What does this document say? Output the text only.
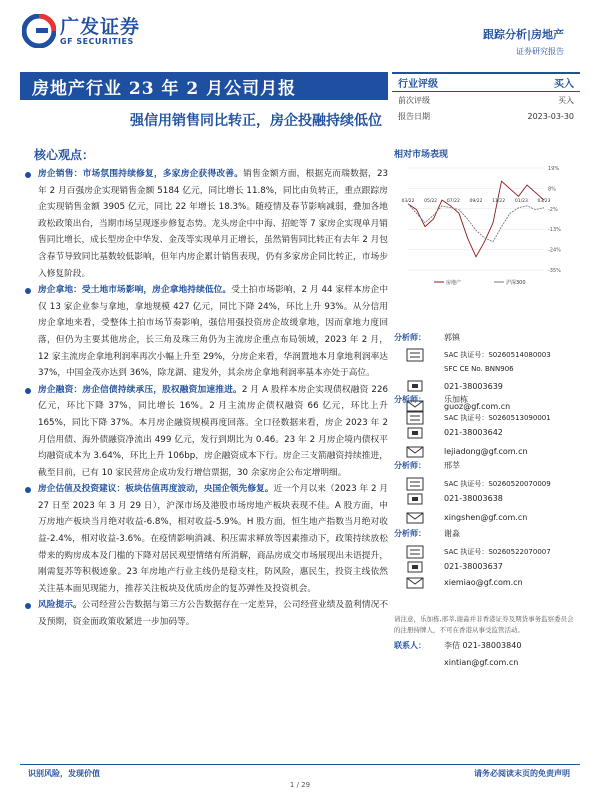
广发证券
GF SECURITIES	跟踪分析|房地产
证券研究报告
房地产行业 23 年 2 月公司月报
强信用销售同比转正，房企投融持续低位
行业评级	买入
前次评级	买入
报告日期	2023-03-30
核心观点：
房企销售：市场氛围持续修复，多家房企获得改善。销售金额方面，根据克而瑞数据，23 年 2 月百强房企实现销售金额 5184 亿元，同比增长 11.8%，同比由负转正，重点跟踪房企实现销售金额 3905 亿元，同比 22 年增长 18.3%。随疫情及春节影响减弱，叠加各地政松政策出台，当期市场呈现逐步修复态势。龙头房企中中海、招蛇等 7 家房企实现单月销售同比增长，成长型房企中华发、金茂等实现单月正增长，虽然销售同比转正有去年 2 月包含春节导致同比基数较低影响，但年内房企累计销售表现，仍有多家房企同比转正，市场步入修复阶段。
房企拿地：受土地市场影响，房企拿地持续低位。受土拍市场影响，2 月 44 家样本房企中仅 13 家企业参与拿地，拿地规模 427 亿元，同比下降 24%，环比上升 93%。从分信用房企拿地来看，受整体土拍市场节奏影响，强信用强投资房企故缓拿地，因而拿地力度回落，但仍为主要其他房企，长三角及珠三角仍为主流房企重点布局领域，2023 年 2 月，12 家主流房企拿地利润率再次小幅上升至 29%，分房企来看，华润置地本月拿地利润率达 37%，中国金茂亦达到 36%，除龙湖、建发外，其余房企拿地利润率基本亦处于高位。
房企融资：房企信债持续承压，股权融资加速推进。2 月 A 股样本房企实现债权融资 226 亿元，环比下降 37%，同比增长 16%。2 月主流房企债权融资 66 亿元，环比上升 165%，同比下降 37%。本月房企融资规模再度回落。全口径数据来看，房企 2023 年 2 月信用债、海外债融资净流出 499 亿元，发行到期比为 0.46。23 年 2 月房企境内债权平均融资成本为 3.64%，环比上升 106bp，房企融资成本下行。房企三支箭融资持续推进，截至目前，已有 10 家民营房企成功发行增信票据，30 余家房企公布定增明细。
房企估值及投资建议：板块估值再度波动，央国企领先修复。近一个月以来（2023 年 2 月 27 日至 2023 年 3 月 29 日），沪深市场及港股市场房地产板块表现不佳。A 股方面，申万房地产板块当月绝对收益-6.8%，相对收益-5.9%。H 股方面，恒生地产指数当月绝对收益-2.4%，相对收益-3.6%。在疫情影响消减、积压需求释放等因素推动下，政策持续放松带来的购房成本及门槛的下降对居民观望情绪有所消解，商品房成交市场展现出未语提升，刚需复苏等积极迹象。23 年房地产行业主线仍是稳支柱，防风险，惠民生，投资主线依然关注基本面见现能力，推荐关注板块及优质房企的复苏弹性及投资机会。
风险提示。公司经营公告数据与第三方公告数据存在一定差异，公司经营业绩及盈利情况不及预期，资金面政策收紧进一步加码等。
相对市场表现
19%
8%
-2%
-13%
-24%
-35%
03/22 05/22 07/22 09/22 11/22 01/23 03/23
房地产	沪深300
分析师： 郭镇
SAC 执证号：S0260514080003
SFC CE No. BNN906
021-38003639
guoz@gf.com.cn
分析师： 乐加栋
SAC 执证号：S0260513090001
021-38003642
lejiadong@gf.com.cn
分析师： 邢莘
SAC 执证号：S0260520070009
021-38003638
xingshen@gf.com.cn
分析师： 谢淼
SAC 执证号：S0260522070007
021-38003637
xiemiao@gf.com.cn
请注意，乐加栋,邢莘,谢淼并非香港证券及期货事务监察委员会的注册持牌人，不可在香港从事受监管活动。
联系人： 李佶 021-38003840
xintian@gf.com.cn
识别风险，发现价值	请务必阅读末页的免责声明
1 / 29
